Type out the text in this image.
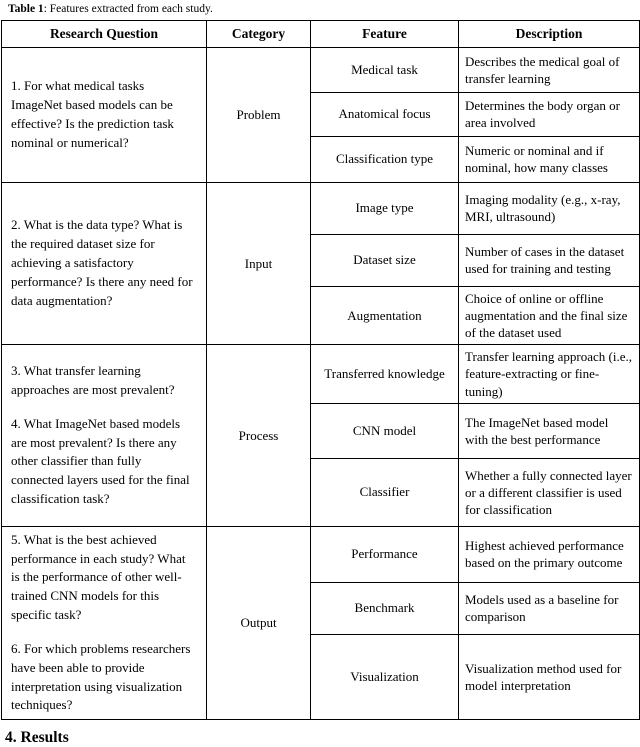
Table 1: Features extracted from each study.

Research Question	Category	Feature	Description

1. For what medical tasks ImageNet based models can be effective? Is the prediction task nominal or numerical?	Problem	Medical task	Describes the medical goal of transfer learning
		Anatomical focus	Determines the body organ or area involved
		Classification type	Numeric or nominal and if nominal, how many classes

2. What is the data type? What is the required dataset size for achieving a satisfactory performance? Is there any need for data augmentation?	Input	Image type	Imaging modality (e.g., x-ray, MRI, ultrasound)
		Dataset size	Number of cases in the dataset used for training and testing
		Augmentation	Choice of online or offline augmentation and the final size of the dataset used

3. What transfer learning approaches are most prevalent?

4. What ImageNet based models are most prevalent? Is there any other classifier than fully connected layers used for the final classification task?	Process	Transferred knowledge	Transfer learning approach (i.e., feature-extracting or fine-tuning)
		CNN model	The ImageNet based model with the best performance
		Classifier	Whether a fully connected layer or a different classifier is used for classification

5. What is the best achieved performance in each study? What is the performance of other well-trained CNN models for this specific task?

6. For which problems researchers have been able to provide interpretation using visualization techniques?	Output	Performance	Highest achieved performance based on the primary outcome
		Benchmark	Models used as a baseline for comparison
		Visualization	Visualization method used for model interpretation
4. Results
